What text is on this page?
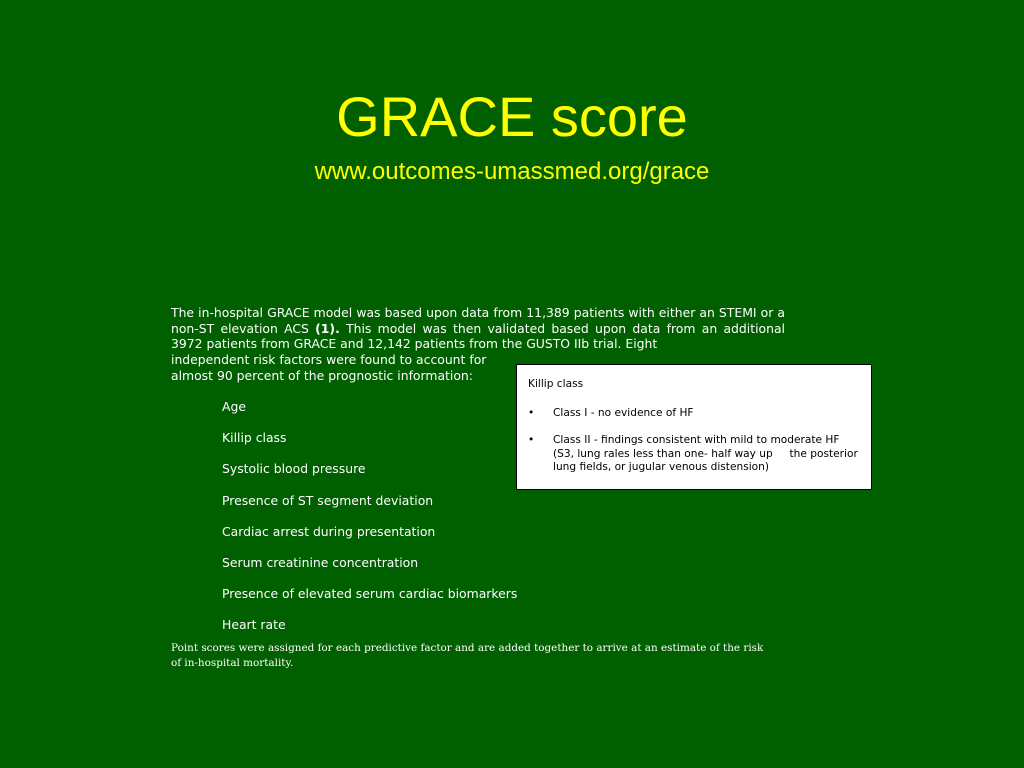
GRACE score
www.outcomes-umassmed.org/grace
The in-hospital GRACE model was based upon data from 11,389 patients with either an STEMI or a non-ST elevation ACS (1). This model was then validated based upon data from an additional 3972 patients from GRACE and 12,142 patients from the GUSTO IIb trial. Eight
independent risk factors were found to account for
almost 90 percent of the prognostic information:
Age
Killip class
Systolic blood pressure
Presence of ST segment deviation
Cardiac arrest during presentation
Serum creatinine concentration
Presence of elevated serum cardiac biomarkers
Heart rate
Point scores were assigned for each predictive factor and are added together to arrive at an estimate of the risk of in-hospital mortality.
Killip class
•	Class I - no evidence of HF
•	Class II - findings consistent with mild to moderate HF (S3, lung rales less than one- half way up     the posterior lung fields, or jugular venous distension)
